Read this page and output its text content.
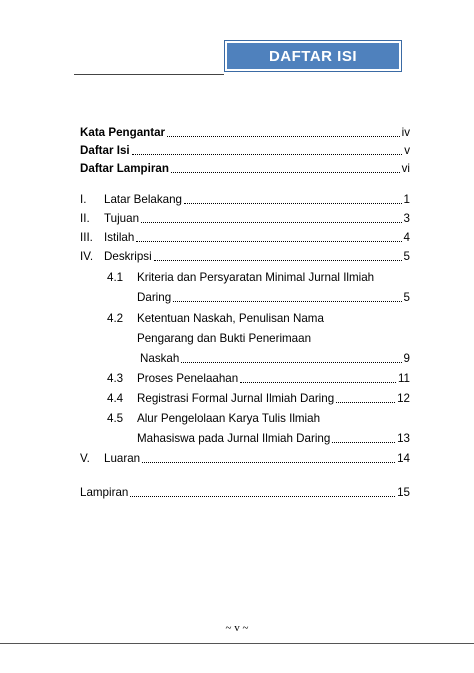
DAFTAR ISI
Kata Pengantar	iv
Daftar Isi	v
Daftar Lampiran	vi
I.	Latar Belakang	1
II.	Tujuan	3
III. Istilah	4
IV. Deskripsi	5
4.1	Kriteria dan Persyaratan Minimal Jurnal Ilmiah
Daring	5
4.2	Ketentuan Naskah, Penulisan Nama
Pengarang dan Bukti Penerimaan
Naskah	9
4.3	Proses Penelaahan	11
4.4	Registrasi Formal Jurnal Ilmiah Daring	12
4.5	Alur Pengelolaan Karya Tulis Ilmiah
Mahasiswa pada Jurnal Ilmiah Daring	13
V.	Luaran	14
Lampiran	15
~ v ~
